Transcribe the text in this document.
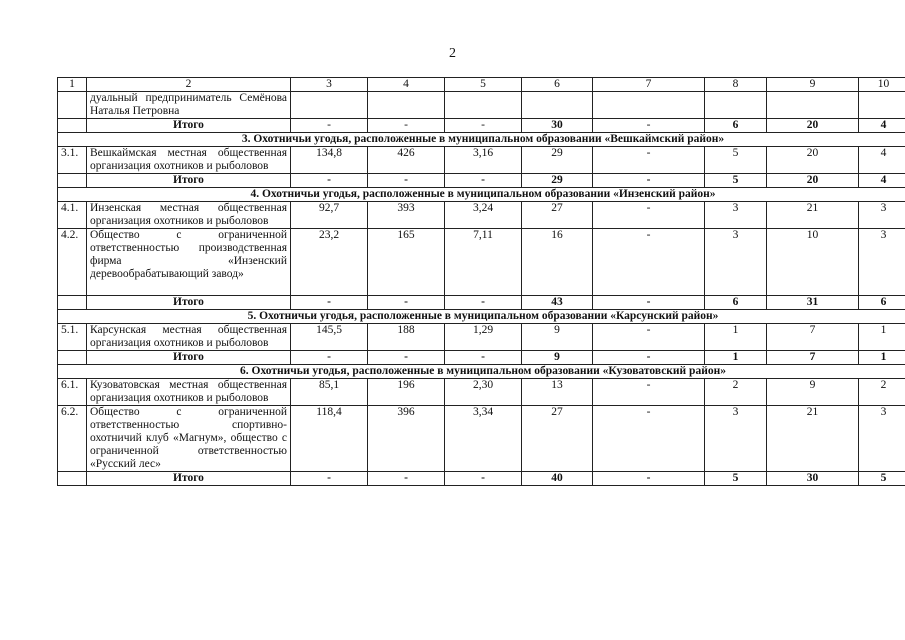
2
1	2	3	4	5	6	7	8	9	10
	дуальный предприниматель Семёнова Наталья Петровна								
	Итого	-	-	-	30	-	6	20	4
3. Охотничьи угодья, расположенные в муниципальном образовании «Вешкаймский район»									
3.1.	Вешкаймская местная общественная организация охотников и рыболовов	134,8	426	3,16	29	-	5	20	4
	Итого	-	-	-	29	-	5	20	4
4. Охотничьи угодья, расположенные в муниципальном образовании «Инзенский район»									
4.1.	Инзенская местная общественная организация охотников и рыболовов	92,7	393	3,24	27	-	3	21	3
4.2.	Общество с ограниченной ответственностью производственная фирма «Инзенский деревообрабатывающий завод»	23,2	165	7,11	16	-	3	10	3
	Итого	-	-	-	43	-	6	31	6
5. Охотничьи угодья, расположенные в муниципальном образовании «Карсунский район»									
5.1.	Карсунская местная общественная организация охотников и рыболовов	145,5	188	1,29	9	-	1	7	1
	Итого	-	-	-	9	-	1	7	1
6. Охотничьи угодья, расположенные в муниципальном образовании «Кузоватовский район»									
6.1.	Кузоватовская местная общественная организация охотников и рыболовов	85,1	196	2,30	13	-	2	9	2
6.2.	Общество с ограниченной ответственностью спортивно-охотничий клуб «Магнум», общество с ограниченной ответственностью «Русский лес»	118,4	396	3,34	27	-	3	21	3
	Итого	-	-	-	40	-	5	30	5
